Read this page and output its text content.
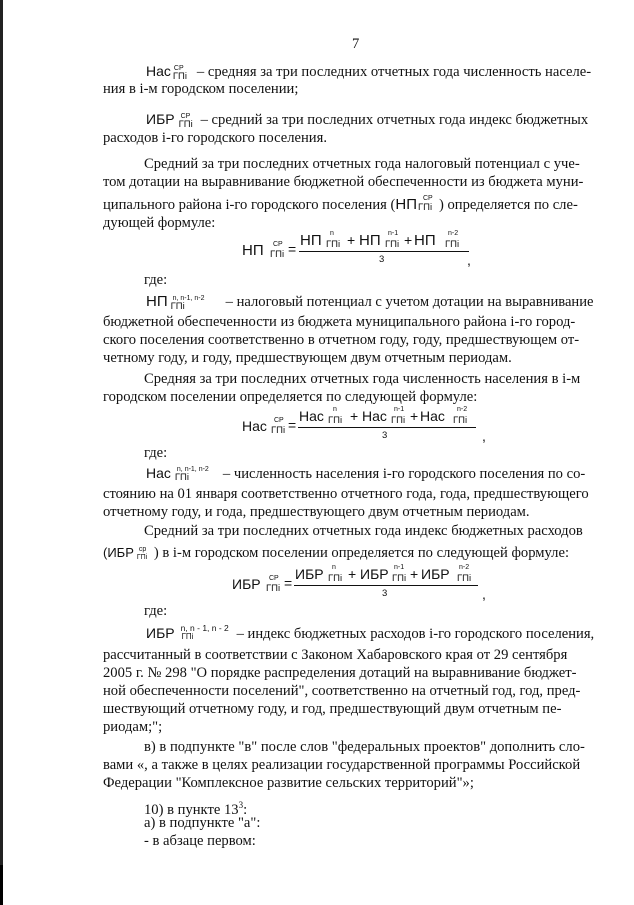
7
Нас СР
ГПі – средняя за три последних отчетных года численность населе-
ния в і-м городском поселении;
ИБР СР
ГПі – средний за три последних отчетных года индекс бюджетных
расходов і-го городского поселения.
Средний за три последних отчетных года налоговый потенциал с уче-
том дотации на выравнивание бюджетной обеспеченности из бюджета муни-
ципального района і-го городского поселения (НП СР
ГПі ) определяется по сле-
дующей формуле:
НП СР
ГПі = НП n
ГПі + НП n-1
ГПі + НП n-2
ГПі
3	,
где:
НП n, n-1, n-2
ГПі	– налоговый потенциал с учетом дотации на выравнивание
бюджетной обеспеченности из бюджета муниципального района і-го город-
ского поселения соответственно в отчетном году, году, предшествующем от-
четному году, и году, предшествующем двум отчетным периодам.
Средняя за три последних отчетных года численность населения в і-м
городском поселении определяется по следующей формуле:
Нас СР
ГПі =
Нас n
ГПі + Нас n-1
ГПі + Нас n-2
ГПі
3	,
где:
Нас n, n-1, n-2
ГПі – численность населения і-го городского поселения по со-
стоянию на 01 января соответственно отчетного года, года, предшествующего
отчетному году, и года, предшествующего двум отчетным периодам.
Средний за три последних отчетных года индекс бюджетных расходов
(ИБР ср
ГПі ) в і-м городском поселении определяется по следующей формуле:
ИБР СР
ГПі =
ИБР n
ГПі + ИБР n-1
ГПі + ИБР n-2
ГПі
3	,
где:
ИБР n, n - 1, n - 2
ГПі	– индекс бюджетных расходов і-го городского поселения,
рассчитанный в соответствии с Законом Хабаровского края от 29 сентября
2005 г. № 298 "О порядке распределения дотаций на выравнивание бюджет-
ной обеспеченности поселений", соответственно на отчетный год, год, пред-
шествующий отчетному году, и год, предшествующий двум отчетным пе-
риодам;";
в) в подпункте "в" после слов "федеральных проектов" дополнить сло-
вами «, а также в целях реализации государственной программы Российской
Федерации "Комплексное развитие сельских территорий"»;
10) в пункте $13^3$:
а) в подпункте "а":
- в абзаце первом:
